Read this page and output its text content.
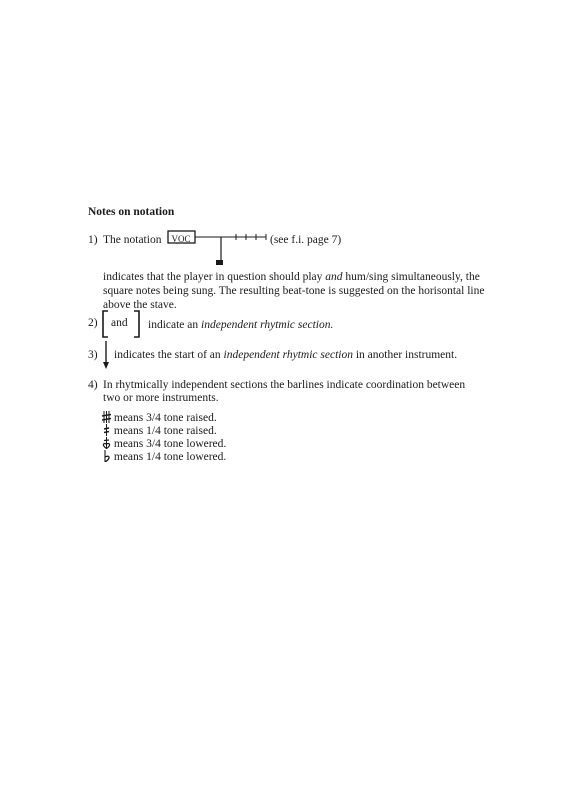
Notes on notation
1) The notation VOC	(see f.i. page 7)
indicates that the player in question should play and hum/sing simultaneously, the
square notes being sung. The resulting beat-tone is suggested on the horisontal line
above the stave.
2) and indicate an independent rhytmic section.
3) indicates the start of an independent rhytmic section in another instrument.
4) In rhytmically independent sections the barlines indicate coordination between
two or more instruments.
means 3/4 tone raised.
means 1/4 tone raised.
means 3/4 tone lowered.
means 1/4 tone lowered.
